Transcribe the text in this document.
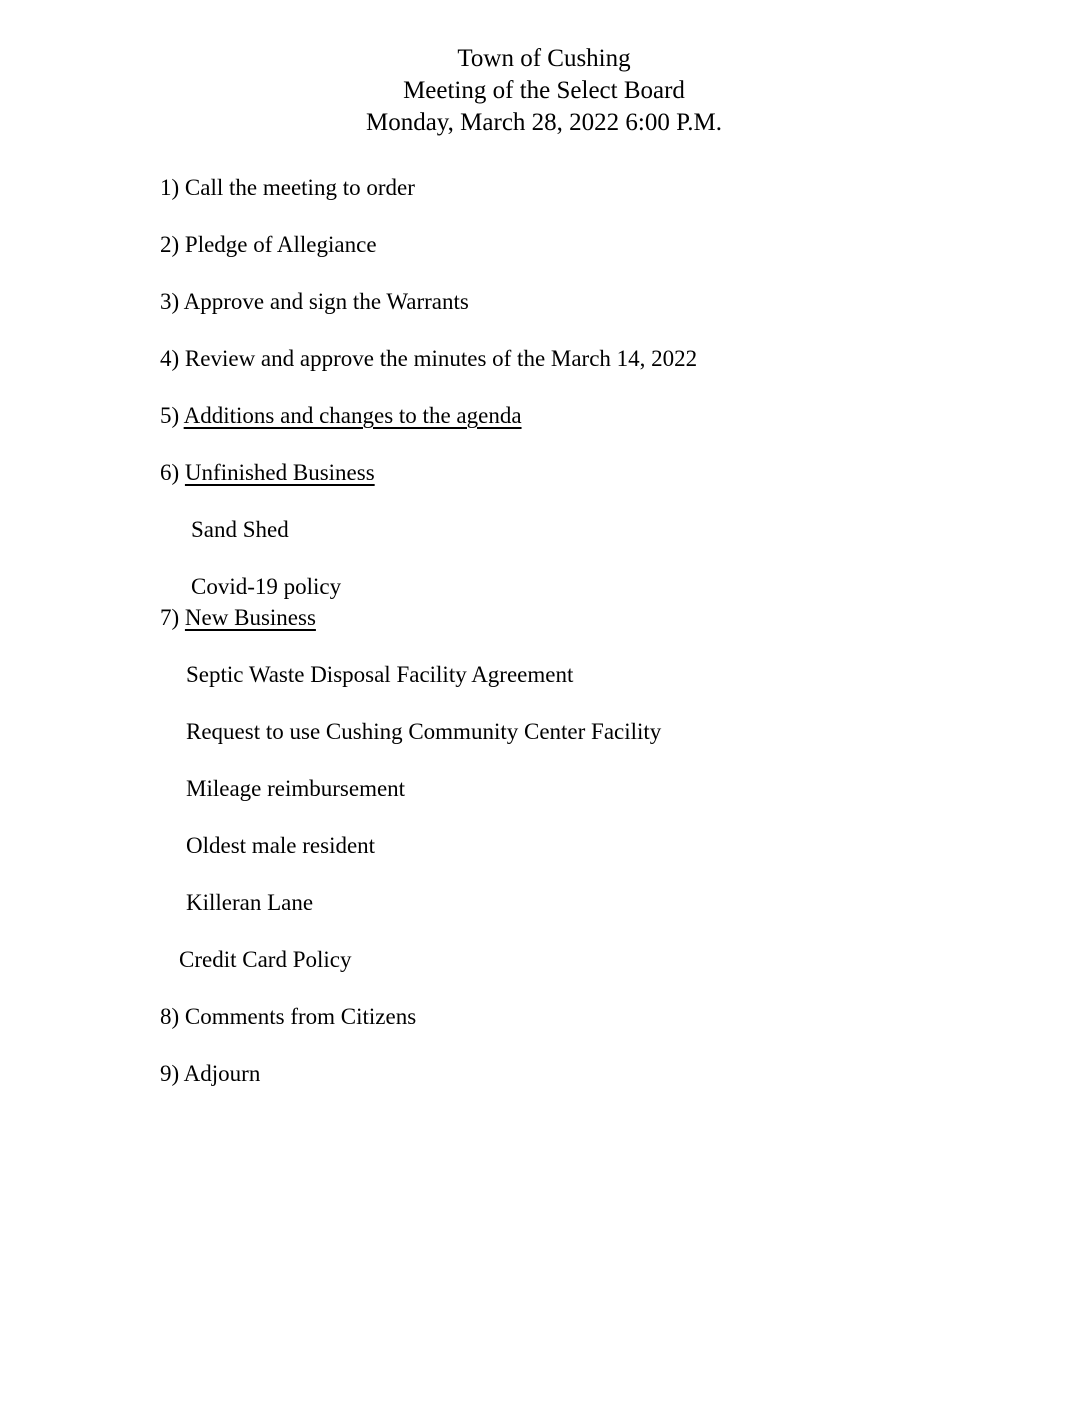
Town of Cushing
Meeting of the Select Board
Monday, March 28, 2022 6:00 P.M.
1) Call the meeting to order
2) Pledge of Allegiance
3) Approve and sign the Warrants
4) Review and approve the minutes of the March 14, 2022
5) Additions and changes to the agenda
6) Unfinished Business
Sand Shed
Covid-19 policy
7) New Business
Septic Waste Disposal Facility Agreement
Request to use Cushing Community Center Facility
Mileage reimbursement
Oldest male resident
Killeran Lane
Credit Card Policy
8) Comments from Citizens
9) Adjourn
